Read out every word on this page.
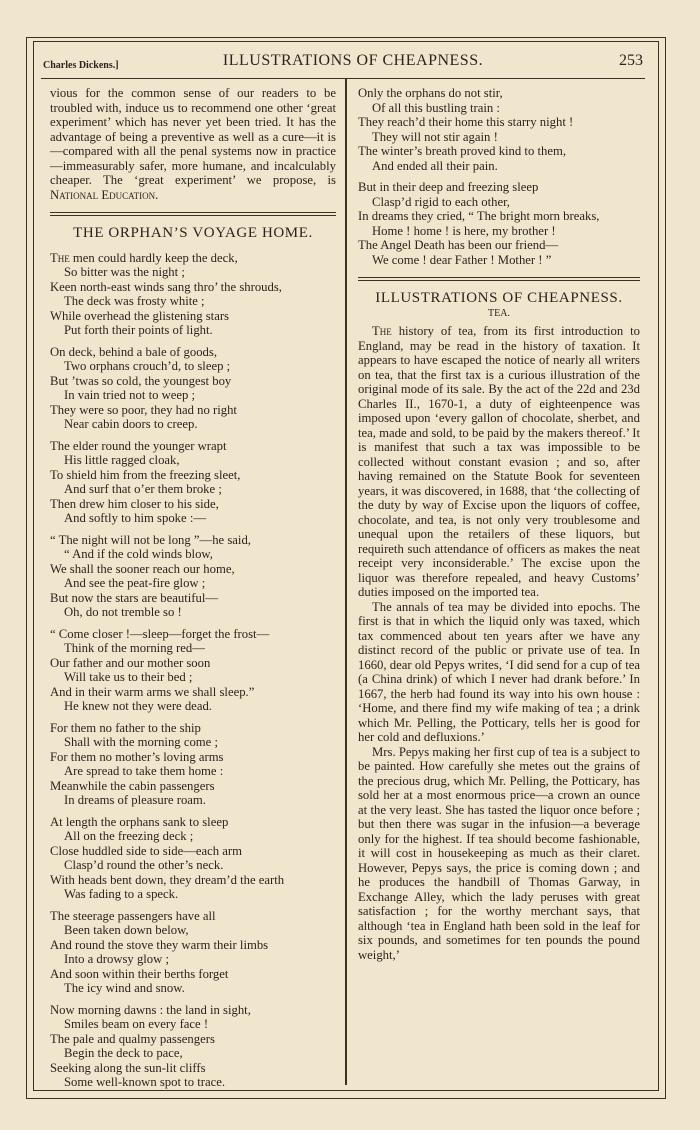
Charles Dickens.]	ILLUSTRATIONS OF CHEAPNESS.	253

vious for the common sense of our readers to be troubled with, induce us to recommend one other ‘great experiment’ which has never yet been tried. It has the advantage of being a preventive as well as a cure—it is—compared with all the penal systems now in practice—immeasurably safer, more humane, and incalculably cheaper. The ‘great experiment’ we propose, is National Education.

THE ORPHAN’S VOYAGE HOME.
The men could hardly keep the deck,
So bitter was the night ;
Keen north-east winds sang thro’ the shrouds,
The deck was frosty white ;
While overhead the glistening stars
Put forth their points of light.
On deck, behind a bale of goods,
Two orphans crouch’d, to sleep ;
But ’twas so cold, the youngest boy
In vain tried not to weep ;
They were so poor, they had no right
Near cabin doors to creep.
The elder round the younger wrapt
His little ragged cloak,
To shield him from the freezing sleet,
And surf that o’er them broke ;
Then drew him closer to his side,
And softly to him spoke :—
“ The night will not be long ”—he said,
“ And if the cold winds blow,
We shall the sooner reach our home,
And see the peat-fire glow ;
But now the stars are beautiful—
Oh, do not tremble so !
“ Come closer !—sleep—forget the frost—
Think of the morning red—
Our father and our mother soon
Will take us to their bed ;
And in their warm arms we shall sleep.”
He knew not they were dead.
For them no father to the ship
Shall with the morning come ;
For them no mother’s loving arms
Are spread to take them home :
Meanwhile the cabin passengers
In dreams of pleasure roam.
At length the orphans sank to sleep
All on the freezing deck ;
Close huddled side to side—each arm
Clasp’d round the other’s neck.
With heads bent down, they dream’d the earth
Was fading to a speck.
The steerage passengers have all
Been taken down below,
And round the stove they warm their limbs
Into a drowsy glow ;
And soon within their berths forget
The icy wind and snow.
Now morning dawns : the land in sight,
Smiles beam on every face !
The pale and qualmy passengers
Begin the deck to pace,
Seeking along the sun-lit cliffs
Some well-known spot to trace.
Only the orphans do not stir,
Of all this bustling train :
They reach’d their home this starry night !
They will not stir again !
The winter’s breath proved kind to them,
And ended all their pain.
But in their deep and freezing sleep
Clasp’d rigid to each other,
In dreams they cried, “ The bright morn breaks,
Home ! home ! is here, my brother !
The Angel Death has been our friend—
We come ! dear Father ! Mother ! ”
ILLUSTRATIONS OF CHEAPNESS.
TEA.

The history of tea, from its first introduction to England, may be read in the history of taxation. It appears to have escaped the notice of nearly all writers on tea, that the first tax is a curious illustration of the original mode of its sale. By the act of the 22d and 23d Charles II., 1670-1, a duty of eighteenpence was imposed upon ‘every gallon of chocolate, sherbet, and tea, made and sold, to be paid by the makers thereof.’ It is manifest that such a tax was impossible to be collected without constant evasion ; and so, after having remained on the Statute Book for seventeen years, it was discovered, in 1688, that ‘the collecting of the duty by way of Excise upon the liquors of coffee, chocolate, and tea, is not only very troublesome and unequal upon the retailers of these liquors, but requireth such attendance of officers as makes the neat receipt very inconsiderable.’ The excise upon the liquor was therefore repealed, and heavy Customs’ duties imposed on the imported tea.

The annals of tea may be divided into epochs. The first is that in which the liquid only was taxed, which tax commenced about ten years after we have any distinct record of the public or private use of tea. In 1660, dear old Pepys writes, ‘I did send for a cup of tea (a China drink) of which I never had drank before.’ In 1667, the herb had found its way into his own house : ‘Home, and there find my wife making of tea ; a drink which Mr. Pelling, the Potticary, tells her is good for her cold and defluxions.’

Mrs. Pepys making her first cup of tea is a subject to be painted. How carefully she metes out the grains of the precious drug, which Mr. Pelling, the Potticary, has sold her at a most enormous price—a crown an ounce at the very least. She has tasted the liquor once before ; but then there was sugar in the infusion—a beverage only for the highest. If tea should become fashionable, it will cost in housekeeping as much as their claret. However, Pepys says, the price is coming down ; and he produces the handbill of Thomas Garway, in Exchange Alley, which the lady peruses with great satisfaction ; for the worthy merchant says, that although ‘tea in England hath been sold in the leaf for six pounds, and sometimes for ten pounds the pound weight,’
